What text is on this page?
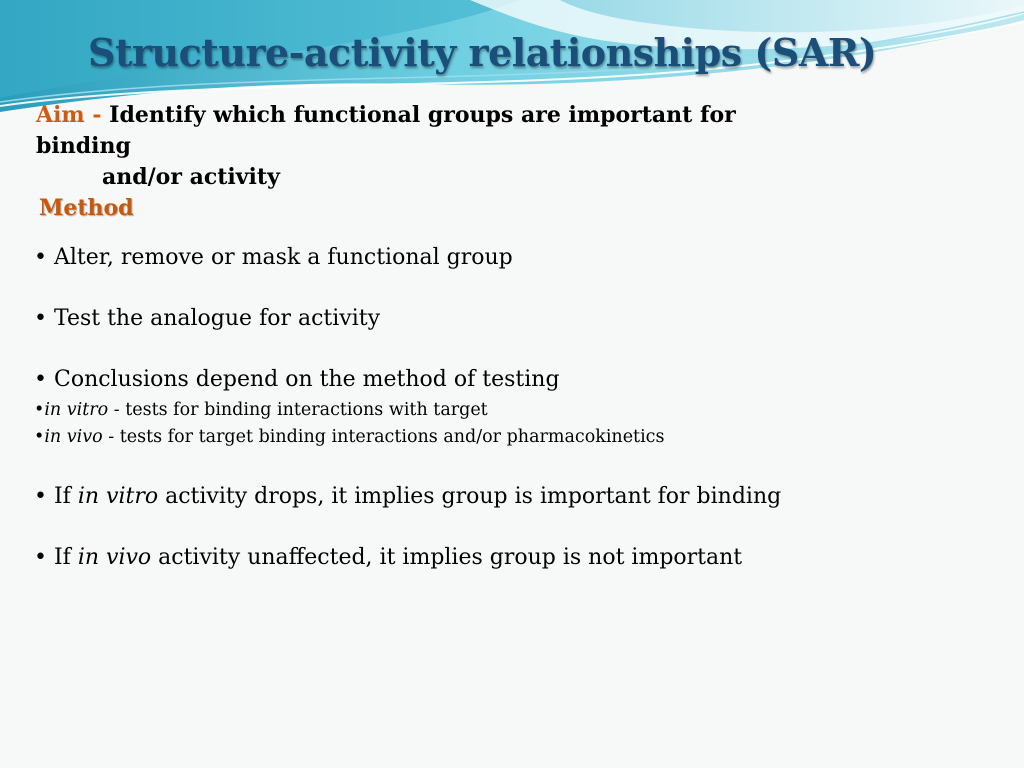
Structure-activity relationships (SAR)

Aim - Identify which functional groups are important for binding
and/or activity

Method

• Alter, remove or mask a functional group

• Test the analogue for activity

• Conclusions depend on the method of testing

•in vitro - tests for binding interactions with target

•in vivo - tests for target binding interactions and/or pharmacokinetics

• If in vitro activity drops, it implies group is important for binding

• If in vivo activity unaffected, it implies group is not important
